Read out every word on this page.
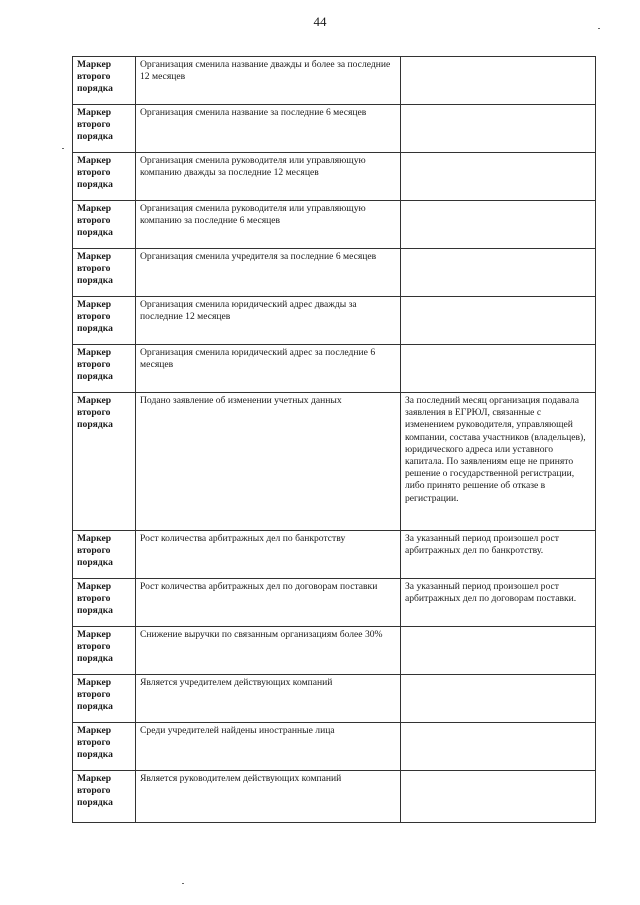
44
Маркер второго порядка	Организация сменила название дважды и более за последние 12 месяцев	

Маркер второго порядка	Организация сменила название за последние 6 месяцев	

Маркер второго порядка	Организация сменила руководителя или управляющую компанию дважды за последние 12 месяцев	

Маркер второго порядка	Организация сменила руководителя или управляющую компанию за последние 6 месяцев	

Маркер второго порядка	Организация сменила учредителя за последние 6 месяцев	

Маркер второго порядка	Организация сменила юридический адрес дважды за последние 12 месяцев	

Маркер второго порядка	Организация сменила юридический адрес за последние 6 месяцев	

Маркер второго порядка	Подано заявление об изменении учетных данных	За последний месяц организация подавала заявления в ЕГРЮЛ, связанные с изменением руководителя, управляющей компании, состава участников (владельцев), юридического адреса или уставного капитала. По заявлениям еще не принято решение о государственной регистрации, либо принято решение об отказе в регистрации.

Маркер второго порядка	Рост количества арбитражных дел по банкротству	За указанный период произошел рост арбитражных дел по банкротству.

Маркер второго порядка	Рост количества арбитражных дел по договорам поставки	За указанный период произошел рост арбитражных дел по договорам поставки.

Маркер второго порядка	Снижение выручки по связанным организациям более 30%	

Маркер второго порядка	Является учредителем действующих компаний	

Маркер второго порядка	Среди учредителей найдены иностранные лица	

Маркер второго порядка	Является руководителем действующих компаний	
